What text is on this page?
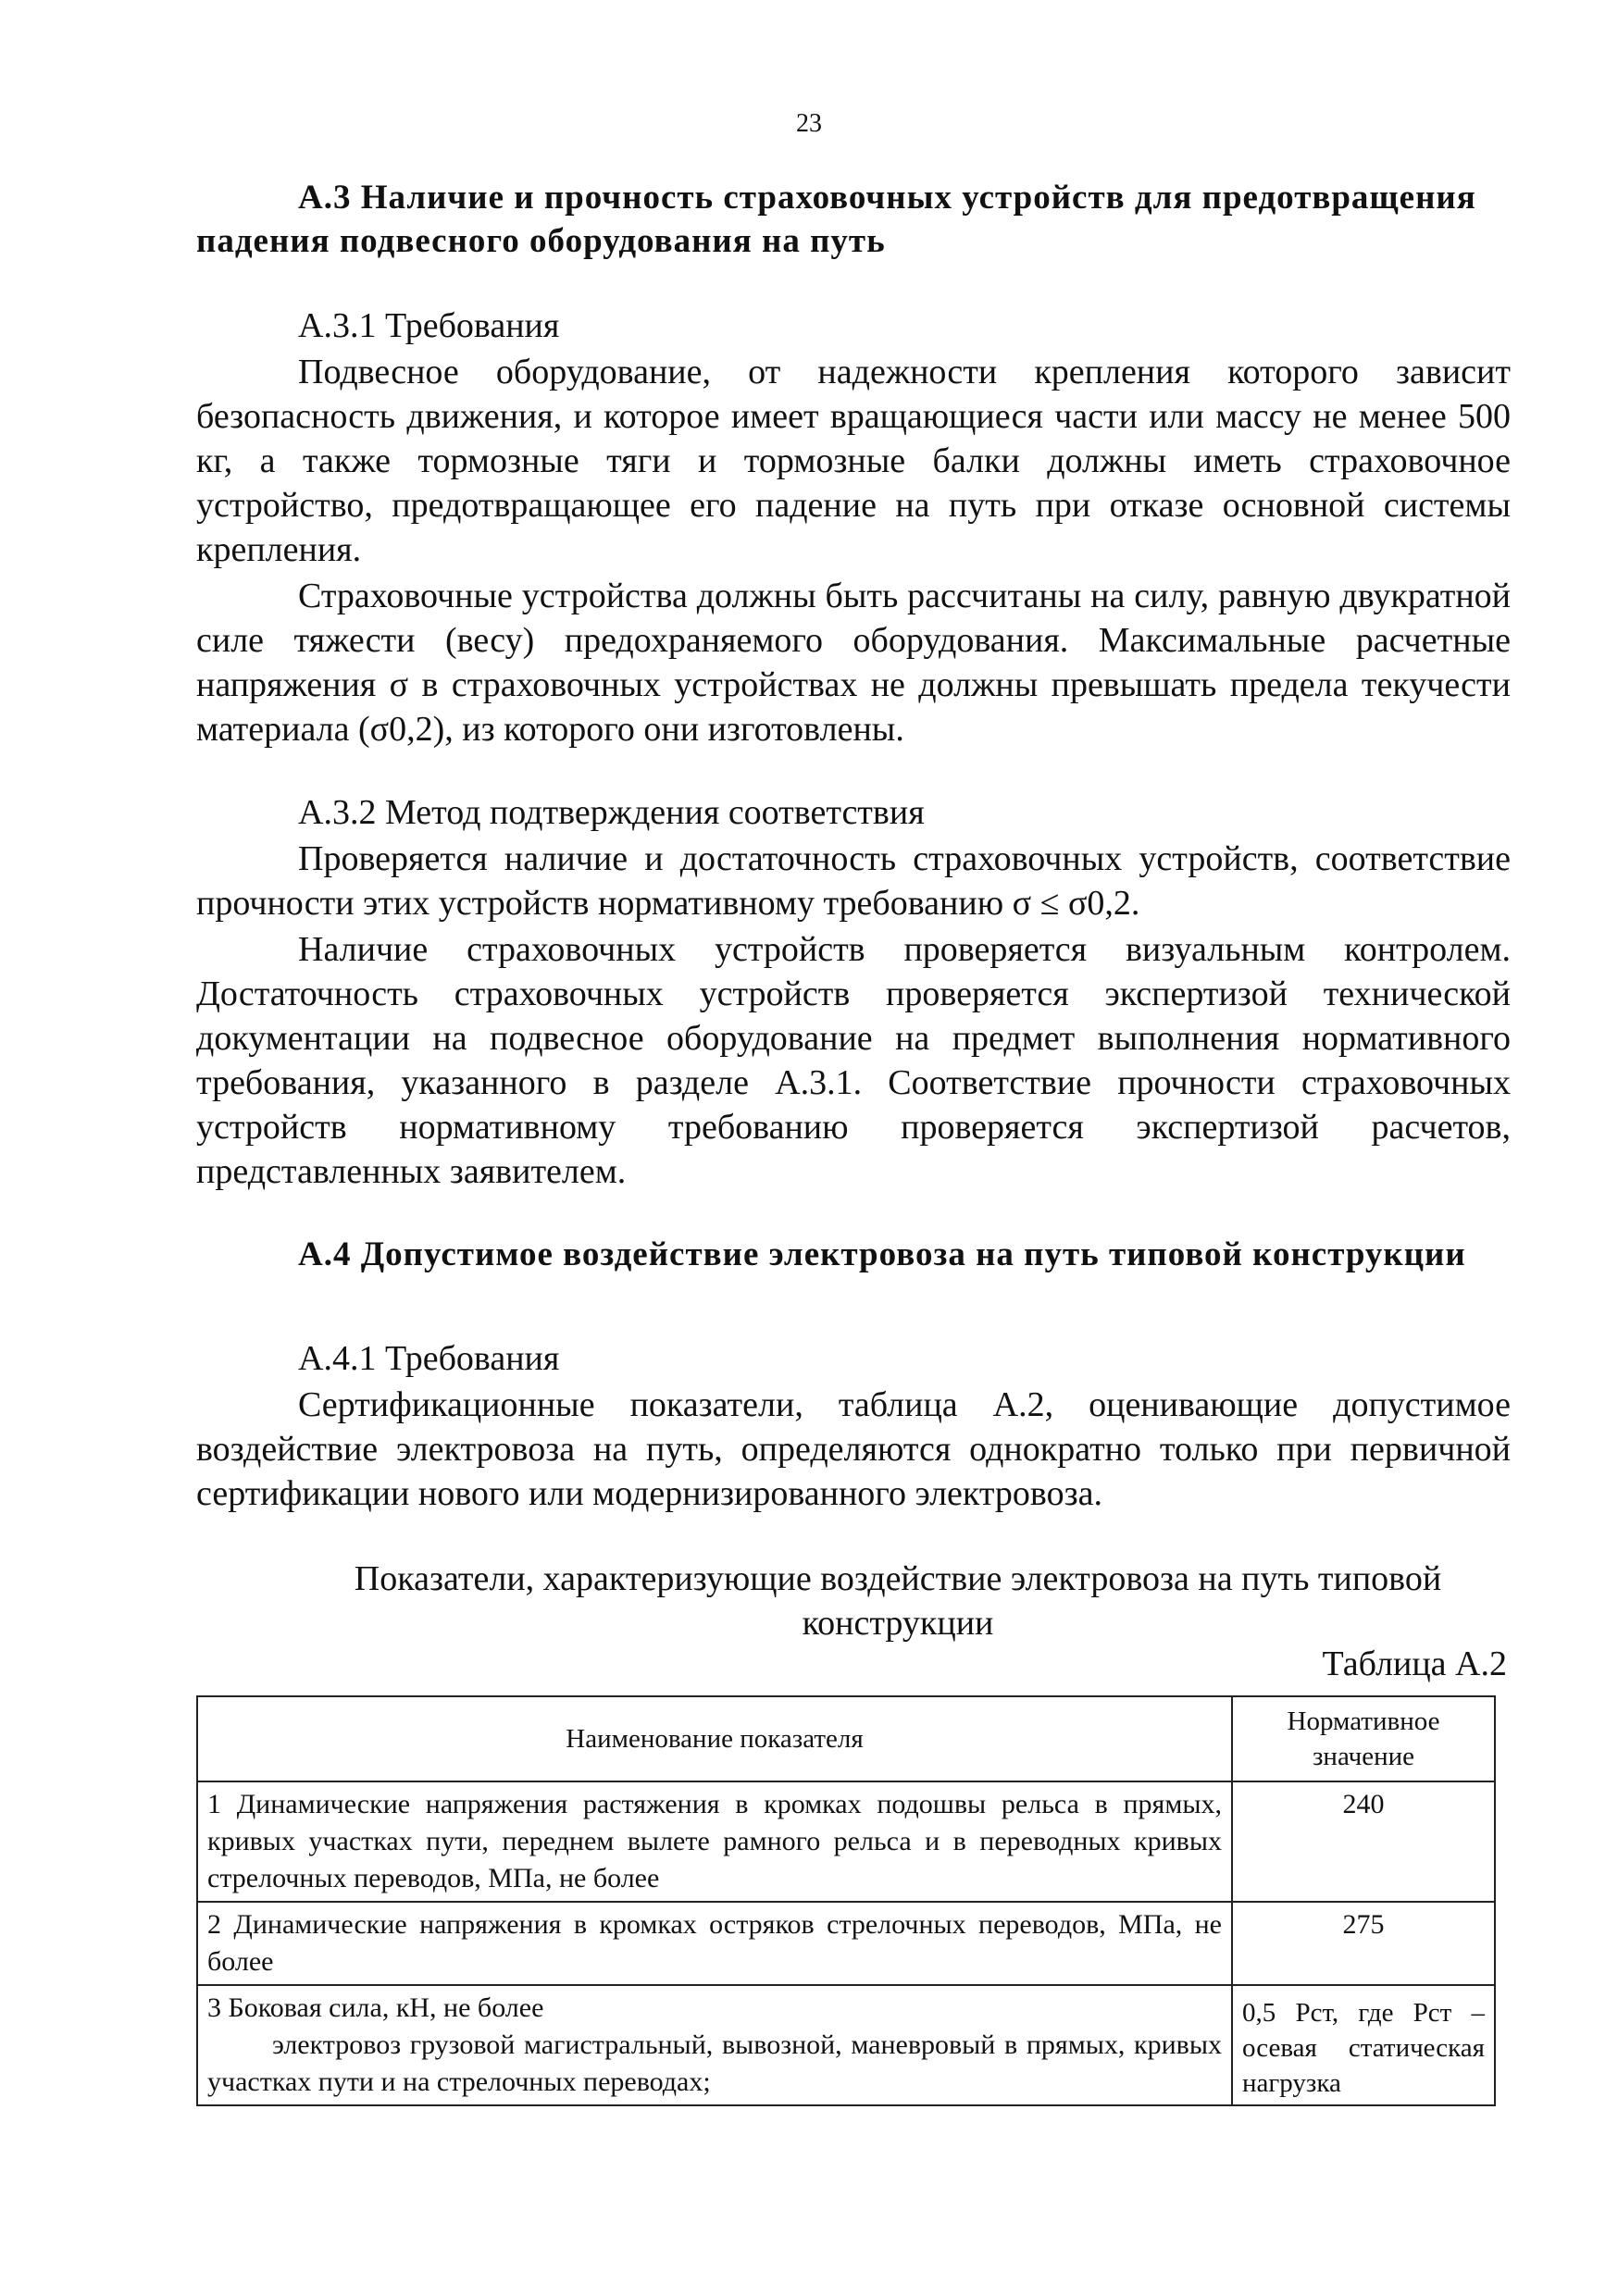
23
А.3 Наличие и прочность страховочных устройств для предотвращения падения подвесного оборудования на путь
А.3.1 Требования
Подвесное оборудование, от надежности крепления которого зависит безопасность движения, и которое имеет вращающиеся части или массу не менее 500 кг, а также тормозные тяги и тормозные балки должны иметь страховочное устройство, предотвращающее его падение на путь при отказе основной системы крепления.
Страховочные устройства должны быть рассчитаны на силу, равную двукратной силе тяжести (весу) предохраняемого оборудования. Максимальные расчетные напряжения σ в страховочных устройствах не должны превышать предела текучести материала (σ0,2), из которого они изготовлены.
А.3.2 Метод подтверждения соответствия
Проверяется наличие и достаточность страховочных устройств, соответствие прочности этих устройств нормативному требованию σ ≤ σ0,2.
Наличие страховочных устройств проверяется визуальным контролем. Достаточность страховочных устройств проверяется экспертизой технической документации на подвесное оборудование на предмет выполнения нормативного требования, указанного в разделе А.3.1. Соответствие прочности страховочных устройств нормативному требованию проверяется экспертизой расчетов, представленных заявителем.
А.4 Допустимое воздействие электровоза на путь типовой конструкции
А.4.1 Требования
Сертификационные показатели, таблица А.2, оценивающие допустимое воздействие электровоза на путь, определяются однократно только при первичной сертификации нового или модернизированного электровоза.
Показатели, характеризующие воздействие электровоза на путь типовой конструкции
Таблица А.2
Наименование показателя	Нормативное значение
1 Динамические напряжения растяжения в кромках подошвы рельса в прямых, кривых участках пути, переднем вылете рамного рельса и в переводных кривых стрелочных переводов, МПа, не более	240
2 Динамические напряжения в кромках остряков стрелочных переводов, МПа, не более	275
3 Боковая сила, кН, не более
электровоз грузовой магистральный, вывозной, маневровый в прямых, кривых участках пути и на стрелочных переводах;	0,5 Pст, где Pст – осевая статическая нагрузка
